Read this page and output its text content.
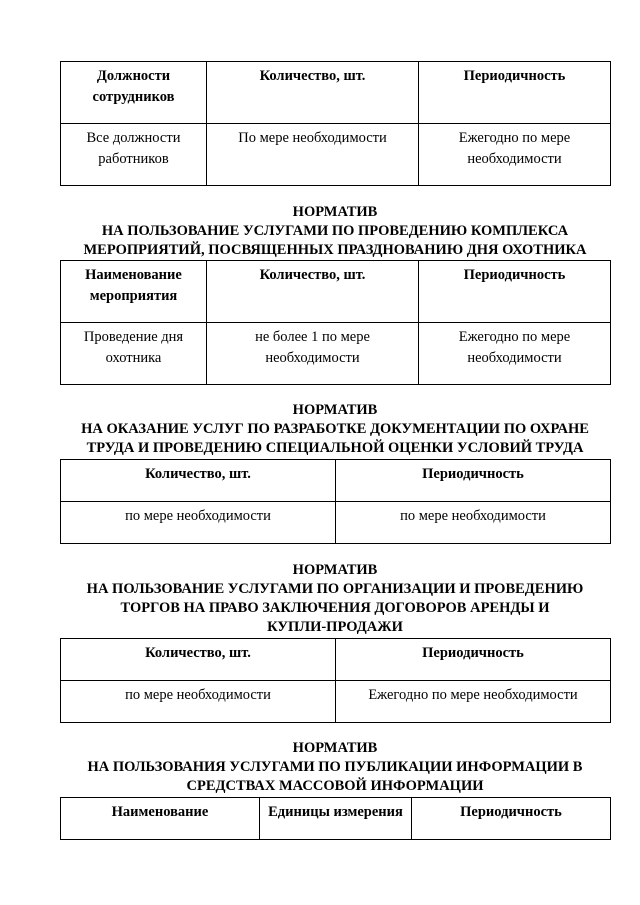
Должности сотрудников	Количество, шт.	Периодичность
Все должности работников	По мере необходимости	Ежегодно по мере необходимости
НОРМАТИВ
НА ПОЛЬЗОВАНИЕ УСЛУГАМИ ПО ПРОВЕДЕНИЮ КОМПЛЕКСА
МЕРОПРИЯТИЙ, ПОСВЯЩЕННЫХ ПРАЗДНОВАНИЮ ДНЯ ОХОТНИКА
Наименование мероприятия	Количество, шт.	Периодичность
Проведение дня охотника	не более 1 по мере необходимости	Ежегодно по мере необходимости
НОРМАТИВ
НА ОКАЗАНИЕ УСЛУГ ПО РАЗРАБОТКЕ ДОКУМЕНТАЦИИ ПО ОХРАНЕ
ТРУДА И ПРОВЕДЕНИЮ СПЕЦИАЛЬНОЙ ОЦЕНКИ УСЛОВИЙ ТРУДА
Количество, шт.	Периодичность
по мере необходимости	по мере необходимости
НОРМАТИВ
НА ПОЛЬЗОВАНИЕ УСЛУГАМИ ПО ОРГАНИЗАЦИИ И ПРОВЕДЕНИЮ
ТОРГОВ НА ПРАВО ЗАКЛЮЧЕНИЯ ДОГОВОРОВ АРЕНДЫ И
КУПЛИ-ПРОДАЖИ
Количество, шт.	Периодичность
по мере необходимости	Ежегодно по мере необходимости
НОРМАТИВ
НА ПОЛЬЗОВАНИЯ УСЛУГАМИ ПО ПУБЛИКАЦИИ ИНФОРМАЦИИ В
СРЕДСТВАХ МАССОВОЙ ИНФОРМАЦИИ
Наименование	Единицы измерения	Периодичность
